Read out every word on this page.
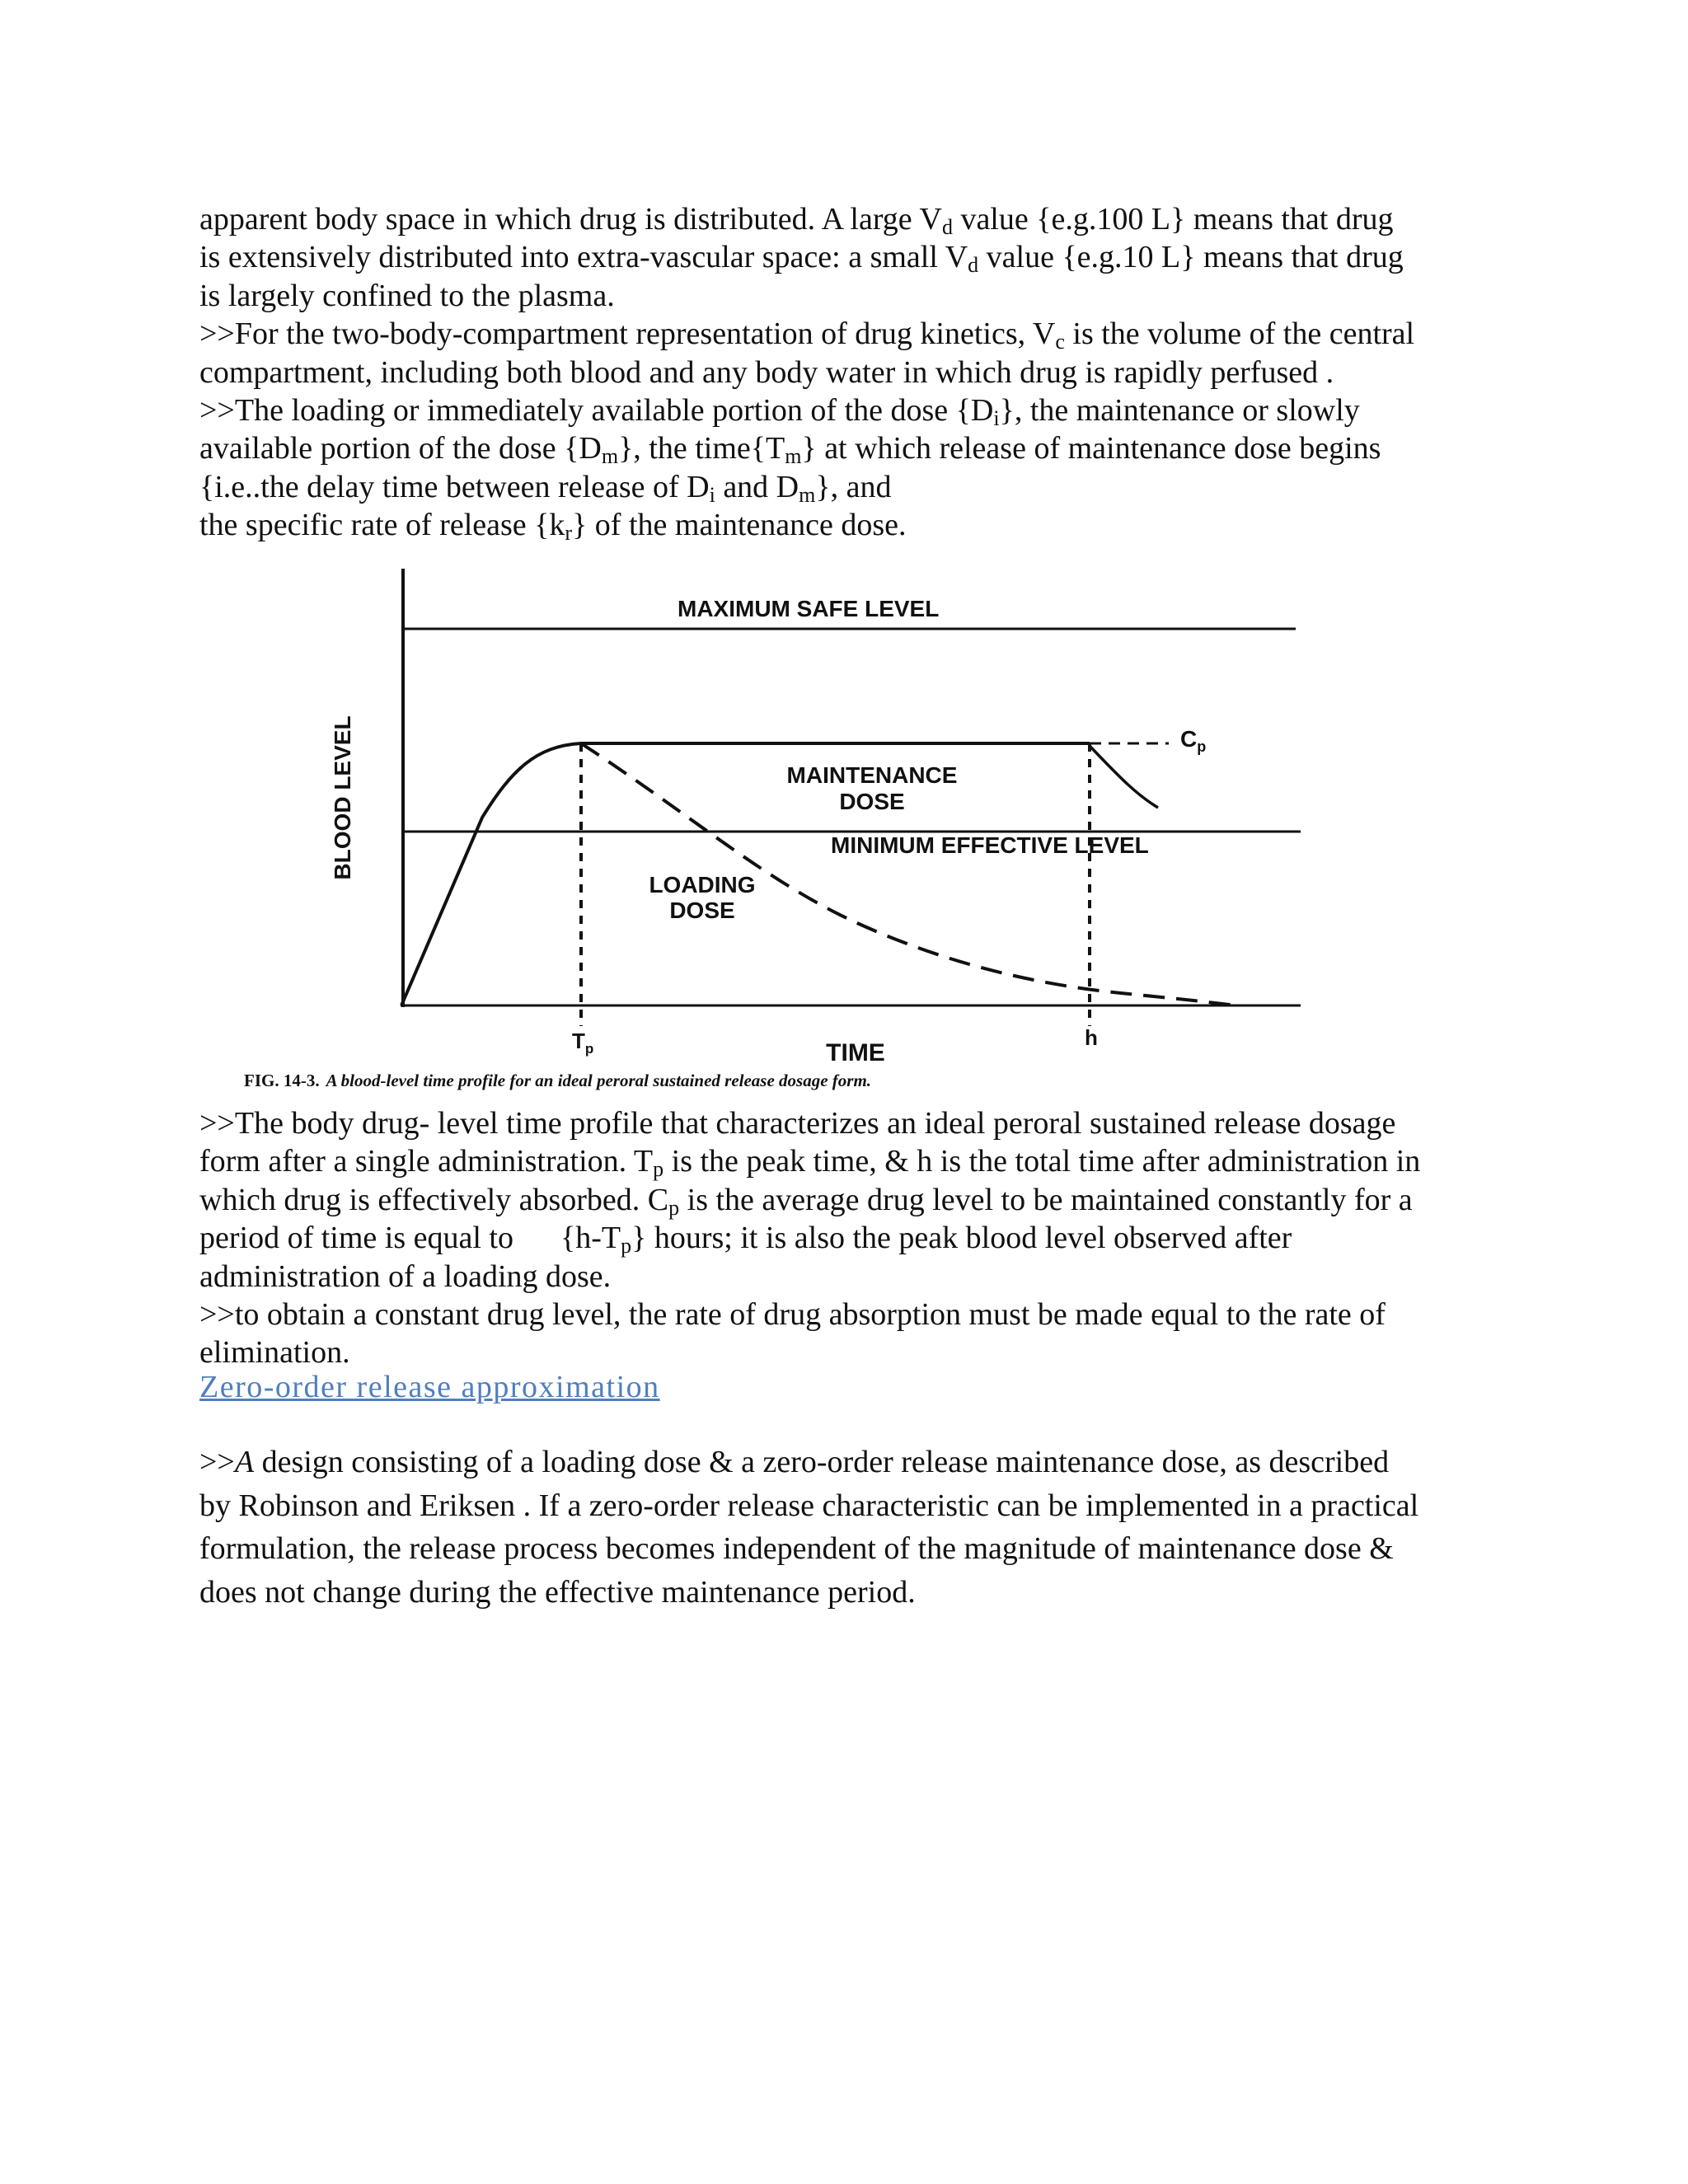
apparent body space in which drug is distributed. A large $V_d$ value {e.g.100 L} means that drug
is extensively distributed into extra-vascular space: a small $V_d$ value {e.g.10 L} means that drug
is largely confined to the plasma.
>>For the two-body-compartment representation of drug kinetics, $V_c$ is the volume of the central
compartment, including both blood and any body water in which drug is rapidly perfused .
>>The loading or immediately available portion of the dose $\{D_i\}$, the maintenance or slowly
available portion of the dose $\{D_m\}$, the $time\{T_m\}$ at which release of maintenance dose begins
{i.e..the delay time between release of $D_i$ and $D_m$}, and
the specific rate of release $\{k_r\}$ of the maintenance dose.
MAXIMUM SAFE LEVEL
MINIMUM EFFECTIVE LEVEL
$C_p$
MAINTENANCE
DOSE
LOADING
DOSE
BLOOD LEVEL
TIME
$T_p$	h
FIG. 14-3. A blood-level time profile for an ideal peroral sustained release dosage form.
>>The body drug- level time profile that characterizes an ideal peroral sustained release dosage
form after a single administration. $T_p$ is the peak time, & h is the total time after administration in
which drug is effectively absorbed. $C_p$ is the average drug level to be maintained constantly for a
period of time is equal to      $\{h-T_p\}$ hours; it is also the peak blood level observed after
administration of a loading dose.
>>to obtain a constant drug level, the rate of drug absorption must be made equal to the rate of
elimination.
Zero-order release approximation
>>A design consisting of a loading dose & a zero-order release maintenance dose, as described
by Robinson and Eriksen . If a zero-order release characteristic can be implemented in a practical
formulation, the release process becomes independent of the magnitude of maintenance dose &
does not change during the effective maintenance period.
